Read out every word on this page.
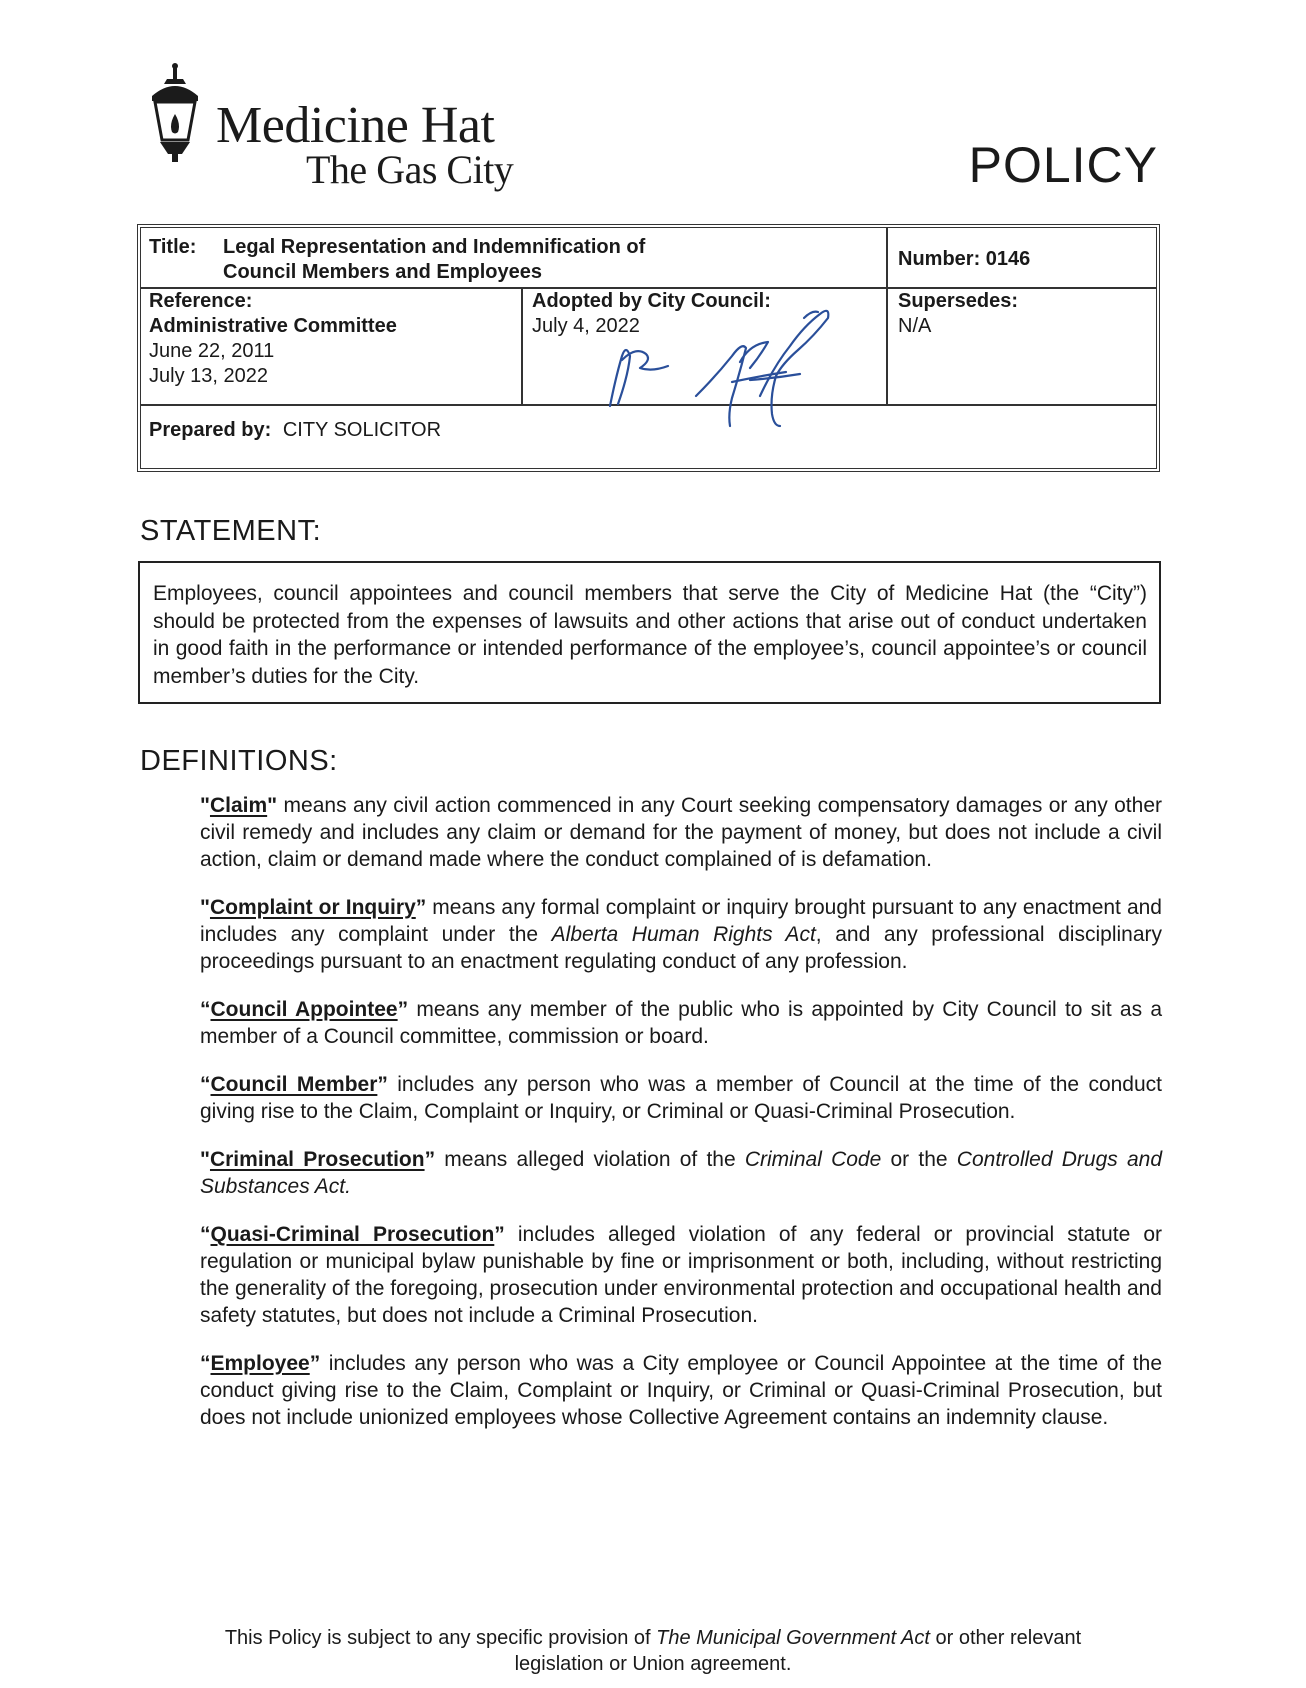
Medicine Hat
The Gas City	POLICY
Title:	Legal Representation and Indemnification of
Council Members and Employees
Number: 0146
Reference:
Administrative Committee
June 22, 2011
July 13, 2022
Adopted by City Council:
July 4, 2022
Supersedes:
N/A
Prepared by: CITY SOLICITOR
STATEMENT:
Employees, council appointees and council members that serve the City of Medicine Hat (the “City”) should be protected from the expenses of lawsuits and other actions that arise out of conduct undertaken in good faith in the performance or intended performance of the employee’s, council appointee’s or council member’s duties for the City.
DEFINITIONS:

"Claim" means any civil action commenced in any Court seeking compensatory damages or any other civil remedy and includes any claim or demand for the payment of money, but does not include a civil action, claim or demand made where the conduct complained of is defamation.

"Complaint or Inquiry” means any formal complaint or inquiry brought pursuant to any enactment and includes any complaint under the Alberta Human Rights Act, and any professional disciplinary proceedings pursuant to an enactment regulating conduct of any profession.

“Council Appointee” means any member of the public who is appointed by City Council to sit as a member of a Council committee, commission or board.

“Council Member” includes any person who was a member of Council at the time of the conduct giving rise to the Claim, Complaint or Inquiry, or Criminal or Quasi-Criminal Prosecution.

"Criminal Prosecution” means alleged violation of the Criminal Code or the Controlled Drugs and Substances Act.

“Quasi-Criminal Prosecution” includes alleged violation of any federal or provincial statute or regulation or municipal bylaw punishable by fine or imprisonment or both, including, without restricting the generality of the foregoing, prosecution under environmental protection and occupational health and safety statutes, but does not include a Criminal Prosecution.

“Employee” includes any person who was a City employee or Council Appointee at the time of the conduct giving rise to the Claim, Complaint or Inquiry, or Criminal or Quasi-Criminal Prosecution, but does not include unionized employees whose Collective Agreement contains an indemnity clause.

This Policy is subject to any specific provision of The Municipal Government Act or other relevant
legislation or Union agreement.
